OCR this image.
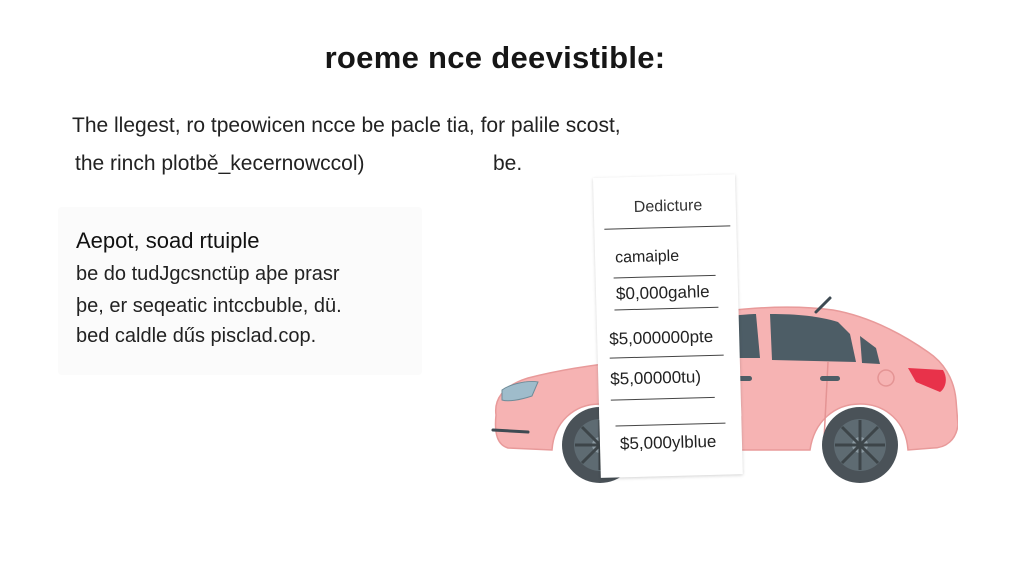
roeme nce deevistible:
The llegest, ro tpeowicen ncce be pacle tia, for palile scost,
the rinch plotbě_kecernowccol)	be.
Aepot, soad rtuiple
be do tudJgcsnctüp aþe prasr
þe, er seqeatic intccbuble, dü.
bed caldle dűs pisclad.cop.
Dedicture
camaiple
$0,000gahle
$5,000000pte
$5,00000tu)
$5,000ylblue
